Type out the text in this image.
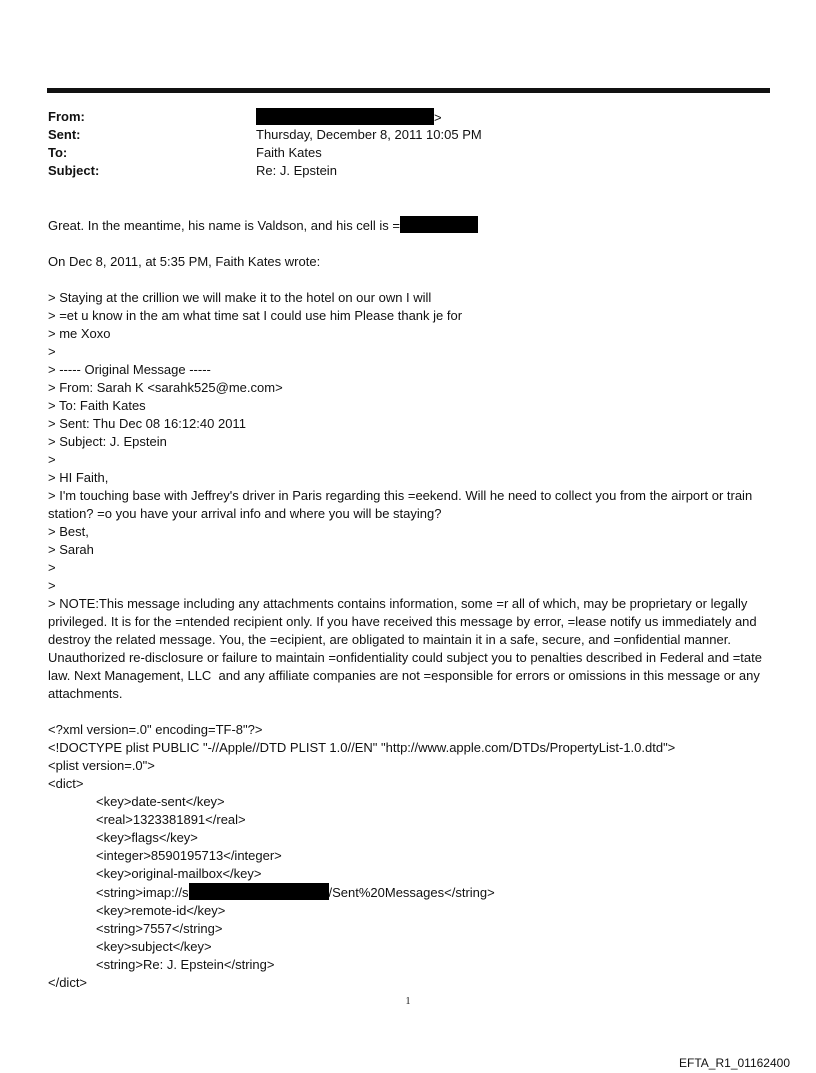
From:	>
Sent:	Thursday, December 8, 2011 10:05 PM
To:	Faith Kates
Subject:	Re: J. Epstein
Great. In the meantime, his name is Valdson, and his cell is =
On Dec 8, 2011, at 5:35 PM, Faith Kates wrote:
> Staying at the crillion we will make it to the hotel on our own I will
> =et u know in the am what time sat I could use him Please thank je for
> me Xoxo
>
> ----- Original Message -----
> From: Sarah K <sarahk525@me.com>
> To: Faith Kates
> Sent: Thu Dec 08 16:12:40 2011
> Subject: J. Epstein
>
> HI Faith,
> I'm touching base with Jeffrey's driver in Paris regarding this =eekend. Will he need to collect you from the airport or train station? =o you have your arrival info and where you will be staying?
> Best,
> Sarah
>
>
> NOTE:This message including any attachments contains information, some =r all of which, may be proprietary or legally privileged. It is for the =ntended recipient only. If you have received this message by error, =lease notify us immediately and destroy the related message. You, the =ecipient, are obligated to maintain it in a safe, secure, and =onfidential manner. Unauthorized re-disclosure or failure to maintain =onfidentiality could subject you to penalties described in Federal and =tate law. Next Management, LLC  and any affiliate companies are not =esponsible for errors or omissions in this message or any attachments.
<?xml version=.0" encoding=TF-8"?>
<!DOCTYPE plist PUBLIC "-//Apple//DTD PLIST 1.0//EN" "http://www.apple.com/DTDs/PropertyList-1.0.dtd">
<plist version=.0">
<dict>
<key>date-sent</key>
<real>1323381891</real>
<key>flags</key>
<integer>8590195713</integer>
<key>original-mailbox</key>
<string>imap://s	/Sent%20Messages</string>
<key>remote-id</key>
<string>7557</string>
<key>subject</key>
<string>Re: J. Epstein</string>
</dict>
1
EFTA_R1_01162400
